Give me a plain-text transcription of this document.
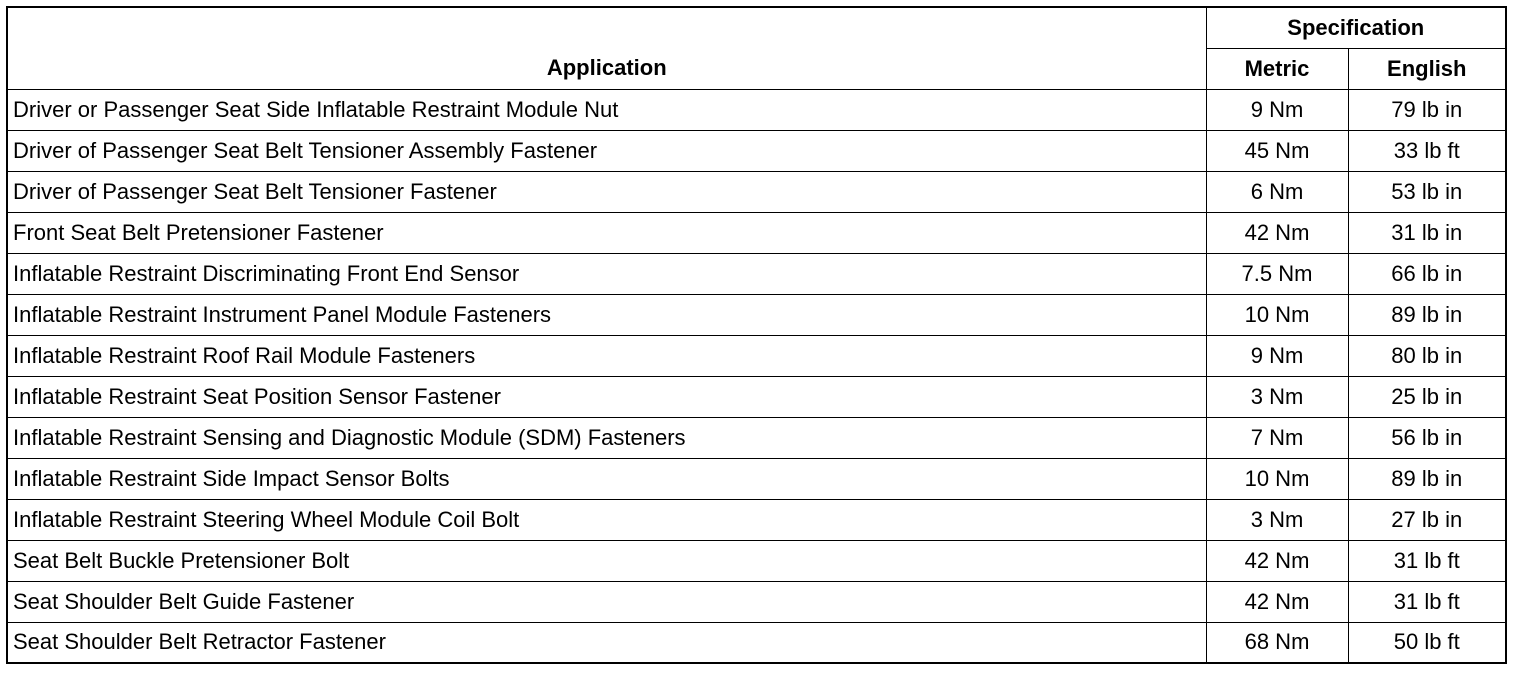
Application	Specification	
	Metric	English
Driver or Passenger Seat Side Inflatable Restraint Module Nut	9 Nm	79 lb in
Driver of Passenger Seat Belt Tensioner Assembly Fastener	45 Nm	33 lb ft
Driver of Passenger Seat Belt Tensioner Fastener	6 Nm	53 lb in
Front Seat Belt Pretensioner Fastener	42 Nm	31 lb in
Inflatable Restraint Discriminating Front End Sensor	7.5 Nm	66 lb in
Inflatable Restraint Instrument Panel Module Fasteners	10 Nm	89 lb in
Inflatable Restraint Roof Rail Module Fasteners	9 Nm	80 lb in
Inflatable Restraint Seat Position Sensor Fastener	3 Nm	25 lb in
Inflatable Restraint Sensing and Diagnostic Module (SDM) Fasteners	7 Nm	56 lb in
Inflatable Restraint Side Impact Sensor Bolts	10 Nm	89 lb in
Inflatable Restraint Steering Wheel Module Coil Bolt	3 Nm	27 lb in
Seat Belt Buckle Pretensioner Bolt	42 Nm	31 lb ft
Seat Shoulder Belt Guide Fastener	42 Nm	31 lb ft
Seat Shoulder Belt Retractor Fastener	68 Nm	50 lb ft
